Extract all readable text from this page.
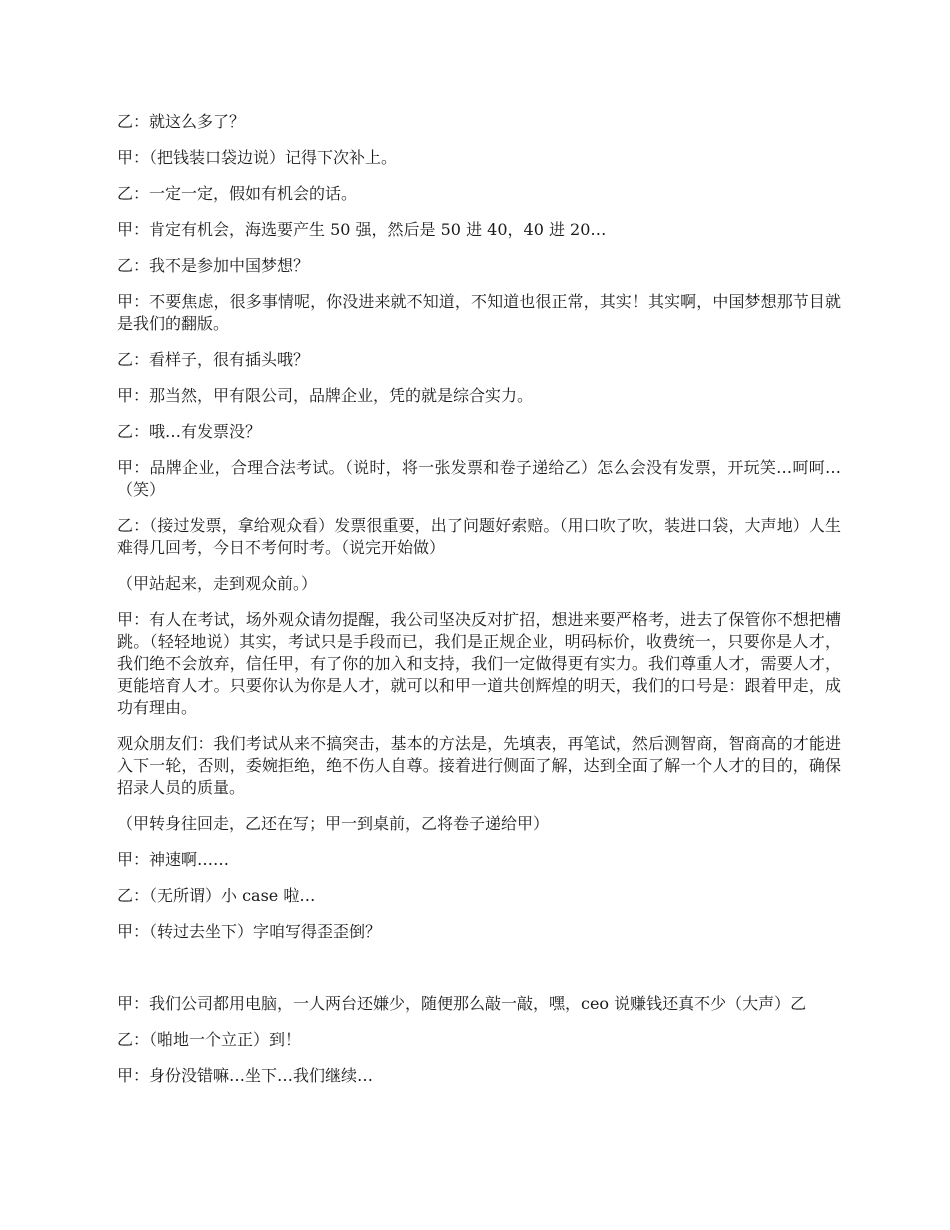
乙：就这么多了？

甲：（把钱装口袋边说）记得下次补上。

乙：一定一定，假如有机会的话。

甲：肯定有机会，海选要产生 50 强，然后是 50 进 40，40 进 20…

乙：我不是参加中国梦想？

甲：不要焦虑，很多事情呢，你没进来就不知道，不知道也很正常，其实！其实啊，中国梦想那节目就是我们的翻版。

乙：看样子，很有插头哦？

甲：那当然，甲有限公司，品牌企业，凭的就是综合实力。

乙：哦…有发票没？

甲：品牌企业，合理合法考试。（说时，将一张发票和卷子递给乙）怎么会没有发票，开玩笑…呵呵…（笑）

乙：（接过发票，拿给观众看）发票很重要，出了问题好索赔。（用口吹了吹，装进口袋，大声地）人生难得几回考，今日不考何时考。（说完开始做）

（甲站起来，走到观众前。）

甲：有人在考试，场外观众请勿提醒，我公司坚决反对扩招，想进来要严格考，进去了保管你不想把槽跳。（轻轻地说）其实，考试只是手段而已，我们是正规企业，明码标价，收费统一，只要你是人才，我们绝不会放弃，信任甲，有了你的加入和支持，我们一定做得更有实力。我们尊重人才，需要人才，更能培育人才。只要你认为你是人才，就可以和甲一道共创辉煌的明天，我们的口号是：跟着甲走，成功有理由。

观众朋友们：我们考试从来不搞突击，基本的方法是，先填表，再笔试，然后测智商，智商高的才能进入下一轮，否则，委婉拒绝，绝不伤人自尊。接着进行侧面了解，达到全面了解一个人才的目的，确保招录人员的质量。

（甲转身往回走，乙还在写；甲一到桌前，乙将卷子递给甲）

甲：神速啊……

乙：（无所谓）小 case 啦…

甲：（转过去坐下）字咱写得歪歪倒？

甲：我们公司都用电脑，一人两台还嫌少，随便那么敲一敲，嘿，ceo 说赚钱还真不少（大声）乙

乙：（啪地一个立正）到！

甲：身份没错嘛…坐下…我们继续…
